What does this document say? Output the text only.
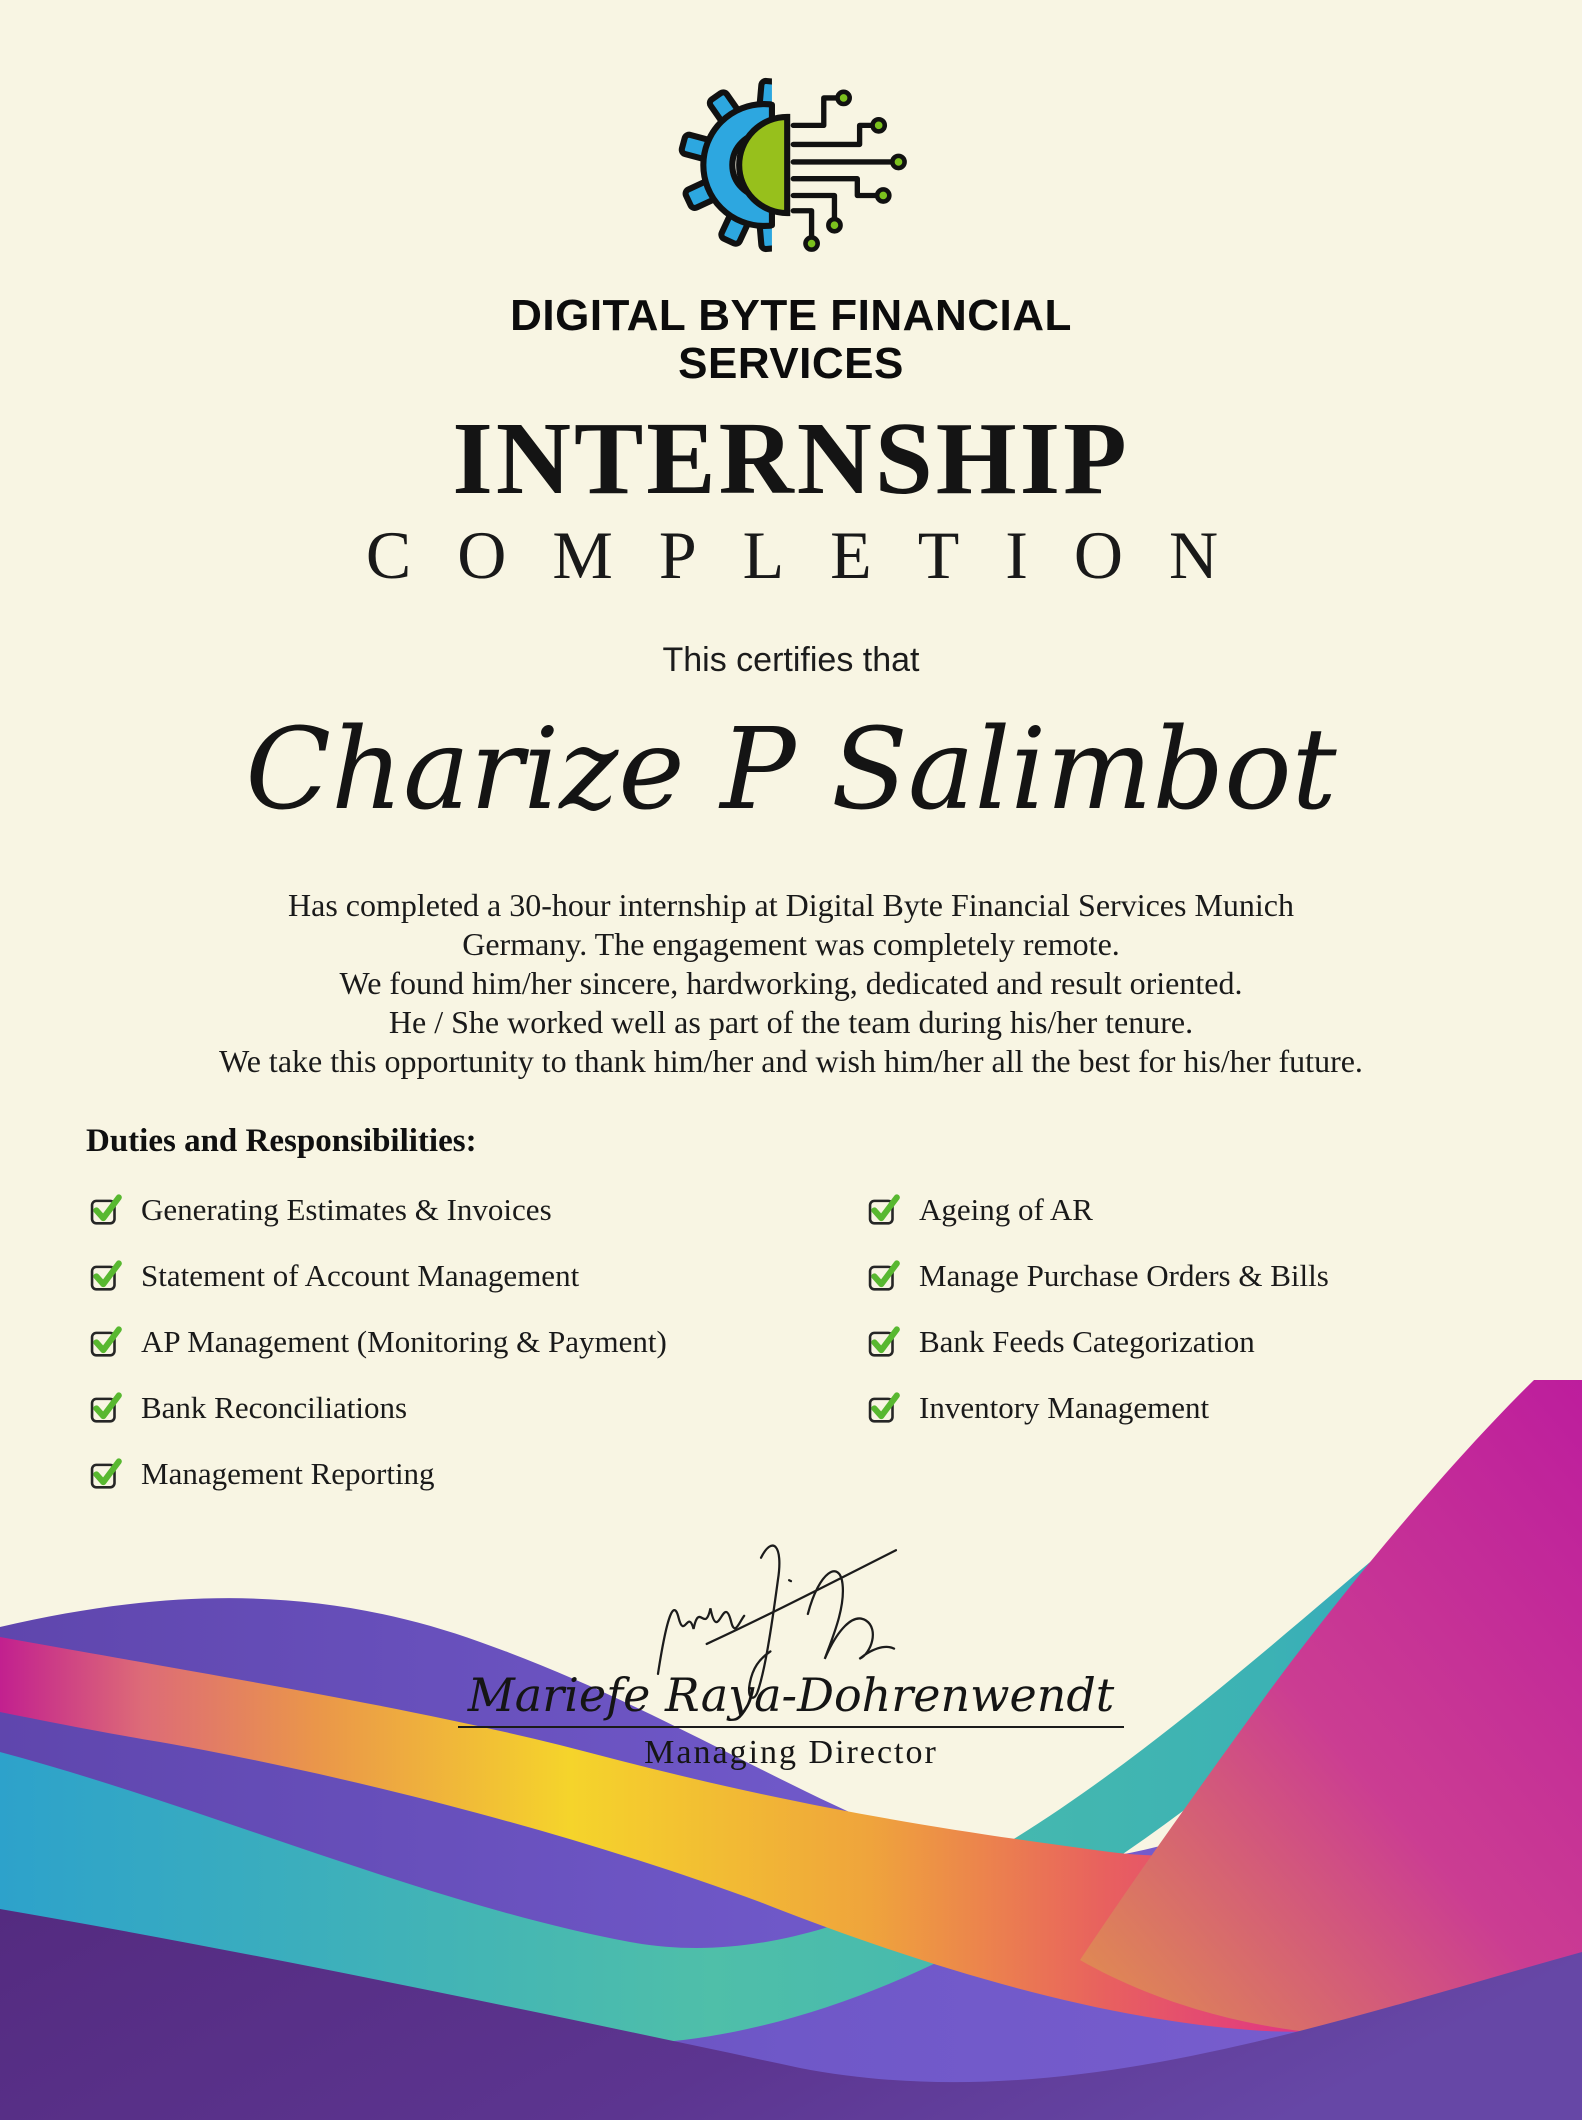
DIGITAL BYTE FINANCIAL
SERVICES
INTERNSHIP
COMPLETION
This certifies that
Charize P Salimbot
Has completed a 30-hour internship at Digital Byte Financial Services Munich
Germany. The engagement was completely remote.
We found him/her sincere, hardworking, dedicated and result oriented.
He / She worked well as part of the team during his/her tenure.
We take this opportunity to thank him/her and wish him/her all the best for his/her future.
Duties and Responsibilities:
Generating Estimates & Invoices
Statement of Account Management
AP Management (Monitoring & Payment)
Bank Reconciliations
Management Reporting
Ageing of AR
Manage Purchase Orders & Bills
Bank Feeds Categorization
Inventory Management
Mariefe Raya-Dohrenwendt
Managing Director
